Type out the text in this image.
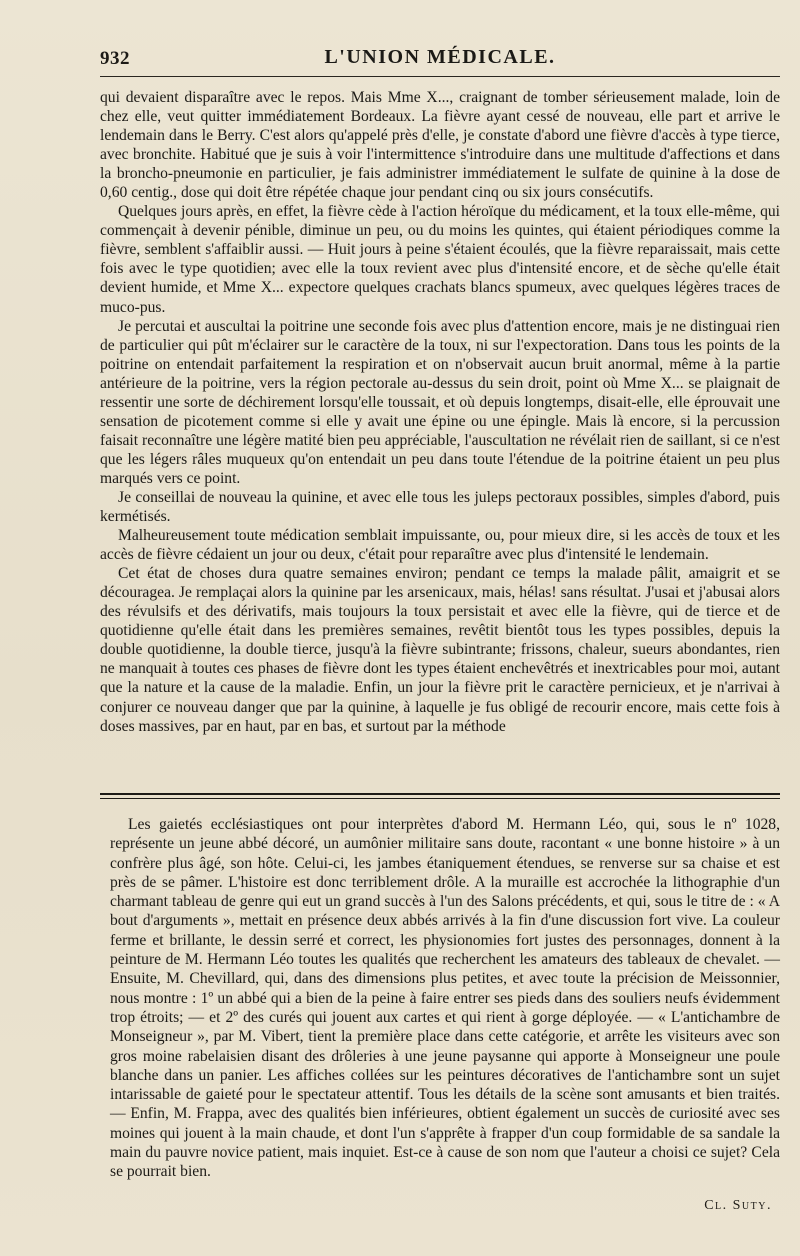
932	L'UNION MÉDICALE.

qui devaient disparaître avec le repos. Mais Mme X..., craignant de tomber sérieusement malade, loin de chez elle, veut quitter immédiatement Bordeaux. La fièvre ayant cessé de nouveau, elle part et arrive le lendemain dans le Berry. C'est alors qu'appelé près d'elle, je constate d'abord une fièvre d'accès à type tierce, avec bronchite. Habitué que je suis à voir l'intermittence s'introduire dans une multitude d'affections et dans la broncho-pneumonie en particulier, je fais administrer immédiatement le sulfate de quinine à la dose de 0,60 centig., dose qui doit être répétée chaque jour pendant cinq ou six jours consécutifs.

Quelques jours après, en effet, la fièvre cède à l'action héroïque du médicament, et la toux elle-même, qui commençait à devenir pénible, diminue un peu, ou du moins les quintes, qui étaient périodiques comme la fièvre, semblent s'affaiblir aussi. — Huit jours à peine s'étaient écoulés, que la fièvre reparaissait, mais cette fois avec le type quotidien; avec elle la toux revient avec plus d'intensité encore, et de sèche qu'elle était devient humide, et Mme X... expectore quelques crachats blancs spumeux, avec quelques légères traces de muco-pus.

Je percutai et auscultai la poitrine une seconde fois avec plus d'attention encore, mais je ne distinguai rien de particulier qui pût m'éclairer sur le caractère de la toux, ni sur l'expectoration. Dans tous les points de la poitrine on entendait parfaitement la respiration et on n'observait aucun bruit anormal, même à la partie antérieure de la poitrine, vers la région pectorale au-dessus du sein droit, point où Mme X... se plaignait de ressentir une sorte de déchirement lorsqu'elle toussait, et où depuis longtemps, disait-elle, elle éprouvait une sensation de picotement comme si elle y avait une épine ou une épingle. Mais là encore, si la percussion faisait reconnaître une légère matité bien peu appréciable, l'auscultation ne révélait rien de saillant, si ce n'est que les légers râles muqueux qu'on entendait un peu dans toute l'étendue de la poitrine étaient un peu plus marqués vers ce point.

Je conseillai de nouveau la quinine, et avec elle tous les juleps pectoraux possibles, simples d'abord, puis kermétisés.

Malheureusement toute médication semblait impuissante, ou, pour mieux dire, si les accès de toux et les accès de fièvre cédaient un jour ou deux, c'était pour reparaître avec plus d'intensité le lendemain.

Cet état de choses dura quatre semaines environ; pendant ce temps la malade pâlit, amaigrit et se découragea. Je remplaçai alors la quinine par les arsenicaux, mais, hélas! sans résultat. J'usai et j'abusai alors des révulsifs et des dérivatifs, mais toujours la toux persistait et avec elle la fièvre, qui de tierce et de quotidienne qu'elle était dans les premières semaines, revêtit bientôt tous les types possibles, depuis la double quotidienne, la double tierce, jusqu'à la fièvre subintrante; frissons, chaleur, sueurs abondantes, rien ne manquait à toutes ces phases de fièvre dont les types étaient enchevêtrés et inextricables pour moi, autant que la nature et la cause de la maladie. Enfin, un jour la fièvre prit le caractère pernicieux, et je n'arrivai à conjurer ce nouveau danger que par la quinine, à laquelle je fus obligé de recourir encore, mais cette fois à doses massives, par en haut, par en bas, et surtout par la méthode

Les gaietés ecclésiastiques ont pour interprètes d'abord M. Hermann Léo, qui, sous le nº 1028, représente un jeune abbé décoré, un aumônier militaire sans doute, racontant « une bonne histoire » à un confrère plus âgé, son hôte. Celui-ci, les jambes étaniquement étendues, se renverse sur sa chaise et est près de se pâmer. L'histoire est donc terriblement drôle. A la muraille est accrochée la lithographie d'un charmant tableau de genre qui eut un grand succès à l'un des Salons précédents, et qui, sous le titre de : « A bout d'arguments », mettait en présence deux abbés arrivés à la fin d'une discussion fort vive. La couleur ferme et brillante, le dessin serré et correct, les physionomies fort justes des personnages, donnent à la peinture de M. Hermann Léo toutes les qualités que recherchent les amateurs des tableaux de chevalet. — Ensuite, M. Chevillard, qui, dans des dimensions plus petites, et avec toute la précision de Meissonnier, nous montre : 1º un abbé qui a bien de la peine à faire entrer ses pieds dans des souliers neufs évidemment trop étroits; — et 2º des curés qui jouent aux cartes et qui rient à gorge déployée. — « L'antichambre de Monseigneur », par M. Vibert, tient la première place dans cette catégorie, et arrête les visiteurs avec son gros moine rabelaisien disant des drôleries à une jeune paysanne qui apporte à Monseigneur une poule blanche dans un panier. Les affiches collées sur les peintures décoratives de l'antichambre sont un sujet intarissable de gaieté pour le spectateur attentif. Tous les détails de la scène sont amusants et bien traités. — Enfin, M. Frappa, avec des qualités bien inférieures, obtient également un succès de curiosité avec ses moines qui jouent à la main chaude, et dont l'un s'apprête à frapper d'un coup formidable de sa sandale la main du pauvre novice patient, mais inquiet. Est-ce à cause de son nom que l'auteur a choisi ce sujet? Cela se pourrait bien.

Cl. Suty.
